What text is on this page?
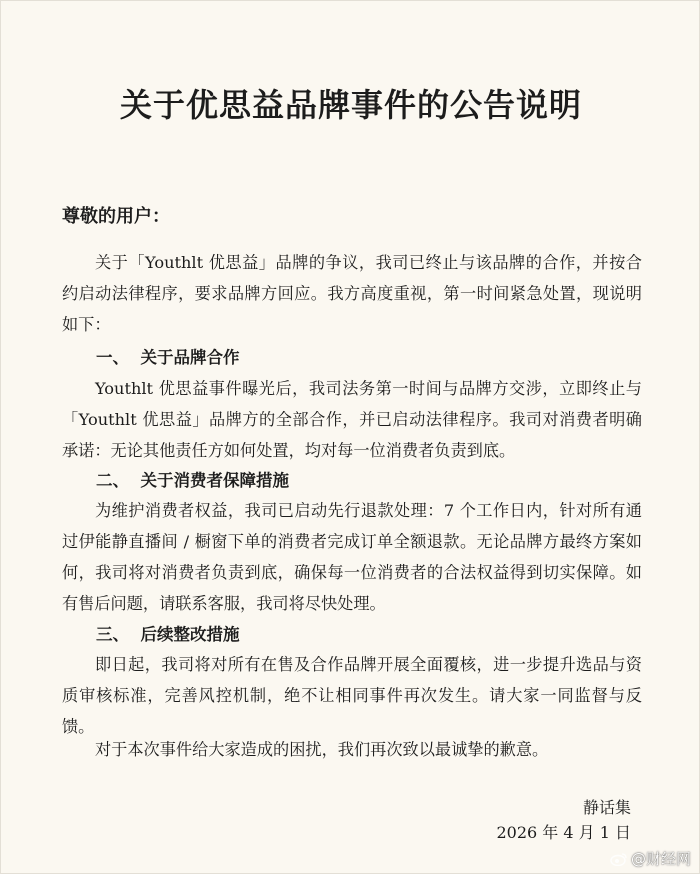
关于优思益品牌事件的公告说明
尊敬的用户：

关于「Youthlt 优思益」品牌的争议，我司已终止与该品牌的合作，并按合约启动法律程序，要求品牌方回应。我方高度重视，第一时间紧急处置，现说明如下：

一、  关于品牌合作

Youthlt 优思益事件曝光后，我司法务第一时间与品牌方交涉，立即终止与「Youthlt 优思益」品牌方的全部合作，并已启动法律程序。我司对消费者明确承诺：无论其他责任方如何处置，均对每一位消费者负责到底。

二、  关于消费者保障措施

为维护消费者权益，我司已启动先行退款处理：7 个工作日内，针对所有通过伊能静直播间 / 橱窗下单的消费者完成订单全额退款。无论品牌方最终方案如何，我司将对消费者负责到底，确保每一位消费者的合法权益得到切实保障。如有售后问题，请联系客服，我司将尽快处理。

三、  后续整改措施

即日起，我司将对所有在售及合作品牌开展全面覆核，进一步提升选品与资质审核标准，完善风控机制，绝不让相同事件再次发生。请大家一同监督与反馈。

对于本次事件给大家造成的困扰，我们再次致以最诚挚的歉意。

静话集
2026 年 4 月 1 日
@财经网
